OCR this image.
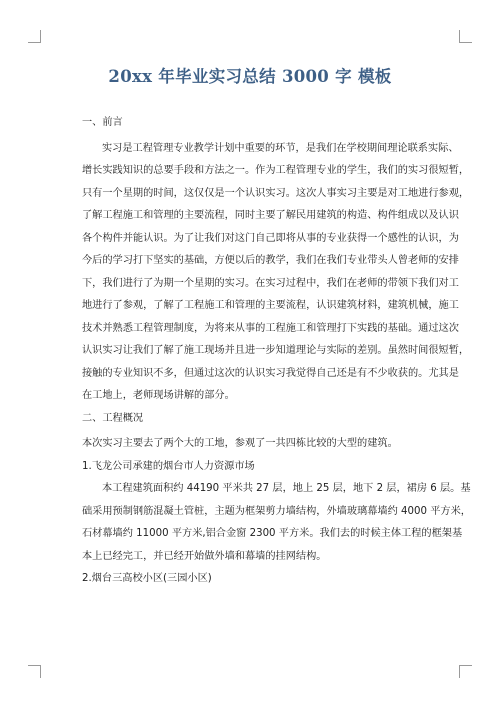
20xx 年毕业实习总结 3000 字 模板

一、前言

实习是工程管理专业教学计划中重要的环节，是我们在学校期间理论联系实际、
增长实践知识的总要手段和方法之一。作为工程管理专业的学生，我们的实习很短暂，
只有一个星期的时间，这仅仅是一个认识实习。这次人事实习主要是对工地进行参观，
了解工程施工和管理的主要流程，同时主要了解民用建筑的构造、构件组成以及认识
各个构件并能认识。为了让我们对这门自己即将从事的专业获得一个感性的认识，为
今后的学习打下坚实的基础，方便以后的教学，我们在我们专业带头人曾老师的安排
下，我们进行了为期一个星期的实习。在实习过程中，我们在老师的带领下我们对工
地进行了参观，了解了工程施工和管理的主要流程，认识建筑材料，建筑机械，施工
技术并熟悉工程管理制度，为将来从事的工程施工和管理打下实践的基础。通过这次
认识实习让我们了解了施工现场并且进一步知道理论与实际的差别。虽然时间很短暂，
接触的专业知识不多，但通过这次的认识实习我觉得自己还是有不少收获的。尤其是
在工地上，老师现场讲解的部分。

二、工程概况

本次实习主要去了两个大的工地，参观了一共四栋比较的大型的建筑。

1.飞龙公司承建的烟台市人力资源市场

本工程建筑面积约 44190 平米共 27 层，地上 25 层，地下 2 层，裙房 6 层。基
础采用预制钢筋混凝土管桩，主题为框架剪力墙结构，外墙玻璃幕墙约 4000 平方米，
石材幕墙约 11000 平方米,铝合金窗 2300 平方米。我们去的时候主体工程的框架基
本上已经完工，并已经开始做外墙和幕墙的挂网结构。

2.烟台三高校小区(三园小区)
